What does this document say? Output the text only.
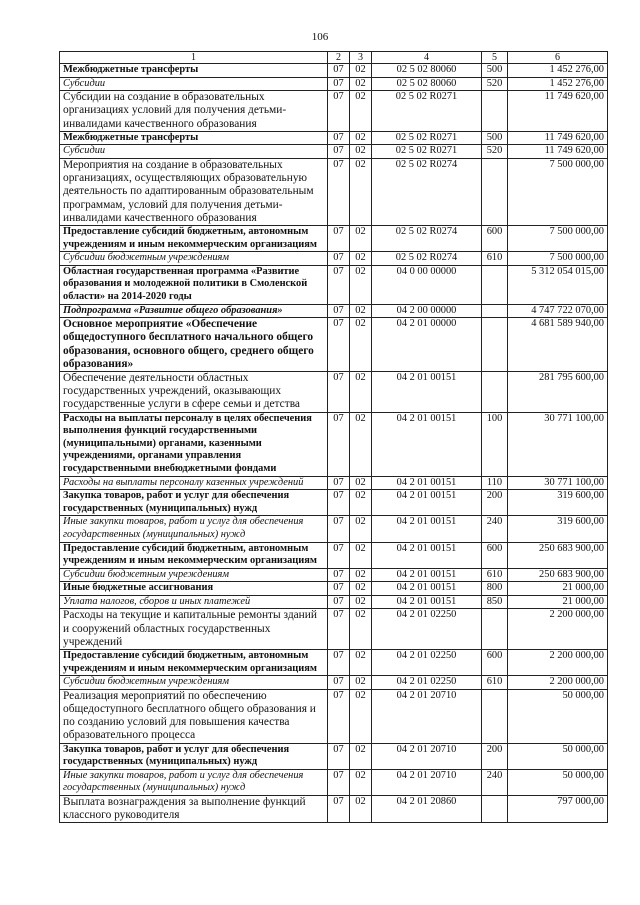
106
1	2	3	4	5	6
Межбюджетные трансферты	07	02	02 5 02 80060	500	1 452 276,00
Субсидии	07	02	02 5 02 80060	520	1 452 276,00
Субсидии на создание в образовательных организациях условий для получения детьми-инвалидами качественного образования	07	02	02 5 02 R0271		11 749 620,00
Межбюджетные трансферты	07	02	02 5 02 R0271	500	11 749 620,00
Субсидии	07	02	02 5 02 R0271	520	11 749 620,00
Мероприятия на создание в образовательных организациях, осуществляющих образовательную деятельность по адаптированным образовательным программам, условий для получения детьми-инвалидами качественного образования	07	02	02 5 02 R0274		7 500 000,00
Предоставление субсидий бюджетным, автономным учреждениям и иным некоммерческим организациям	07	02	02 5 02 R0274	600	7 500 000,00
Субсидии бюджетным учреждениям	07	02	02 5 02 R0274	610	7 500 000,00
Областная государственная программа «Развитие образования и молодежной политики в Смоленской области» на 2014-2020 годы	07	02	04 0 00 00000		5 312 054 015,00
Подпрограмма «Развитие общего образования»	07	02	04 2 00 00000		4 747 722 070,00
Основное мероприятие «Обеспечение общедоступного бесплатного начального общего образования, основного общего, среднего общего образования»	07	02	04 2 01 00000		4 681 589 940,00
Обеспечение деятельности областных государственных учреждений, оказывающих государственные услуги в сфере семьи и детства	07	02	04 2 01 00151		281 795 600,00
Расходы на выплаты персоналу в целях обеспечения выполнения функций государственными (муниципальными) органами, казенными учреждениями, органами управления государственными внебюджетными фондами	07	02	04 2 01 00151	100	30 771 100,00
Расходы на выплаты персоналу казенных учреждений	07	02	04 2 01 00151	110	30 771 100,00
Закупка товаров, работ и услуг для обеспечения государственных (муниципальных) нужд	07	02	04 2 01 00151	200	319 600,00
Иные закупки товаров, работ и услуг для обеспечения государственных (муниципальных) нужд	07	02	04 2 01 00151	240	319 600,00
Предоставление субсидий бюджетным, автономным учреждениям и иным некоммерческим организациям	07	02	04 2 01 00151	600	250 683 900,00
Субсидии бюджетным учреждениям	07	02	04 2 01 00151	610	250 683 900,00
Иные бюджетные ассигнования	07	02	04 2 01 00151	800	21 000,00
Уплата налогов, сборов и иных платежей	07	02	04 2 01 00151	850	21 000,00
Расходы на текущие и капитальные ремонты зданий и сооружений областных государственных учреждений	07	02	04 2 01 02250		2 200 000,00
Предоставление субсидий бюджетным, автономным учреждениям и иным некоммерческим организациям	07	02	04 2 01 02250	600	2 200 000,00
Субсидии бюджетным учреждениям	07	02	04 2 01 02250	610	2 200 000,00
Реализация мероприятий по обеспечению общедоступного бесплатного общего образования и по созданию условий для повышения качества образовательного процесса	07	02	04 2 01 20710		50 000,00
Закупка товаров, работ и услуг для обеспечения государственных (муниципальных) нужд	07	02	04 2 01 20710	200	50 000,00
Иные закупки товаров, работ и услуг для обеспечения государственных (муниципальных) нужд	07	02	04 2 01 20710	240	50 000,00
Выплата вознаграждения за выполнение функций классного руководителя	07	02	04 2 01 20860		797 000,00
